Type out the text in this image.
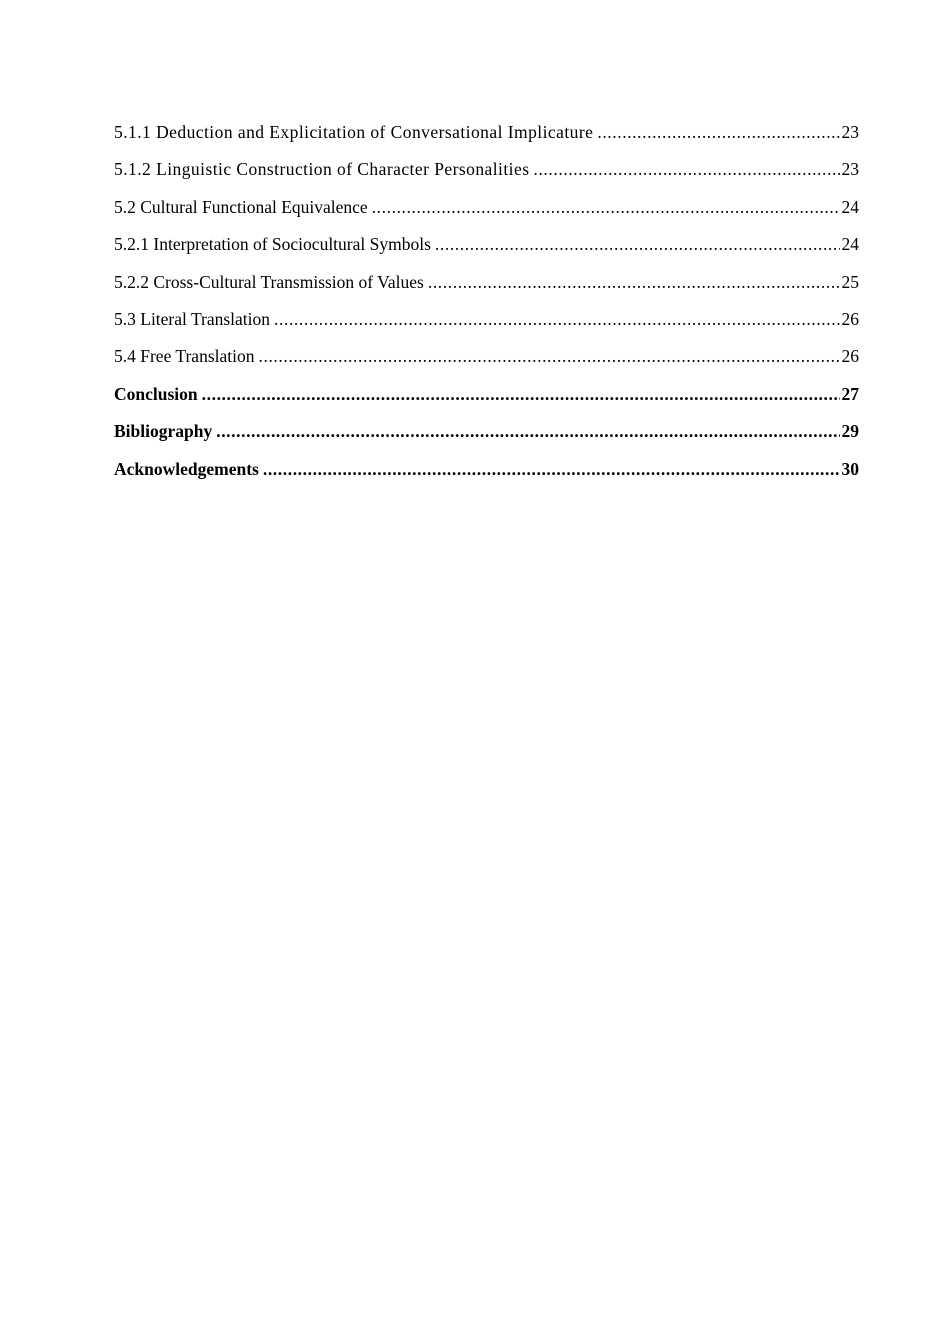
5.1.1 Deduction and Explicitation of Conversational Implicature .....	23
5.1.2 Linguistic Construction of Character Personalities .....	23
5.2 Cultural Functional Equivalence .....	24
5.2.1 Interpretation of Sociocultural Symbols .....	24
5.2.2 Cross-Cultural Transmission of Values .....	25
5.3 Literal Translation .....	26
5.4 Free Translation .....	26
Conclusion .....	27
Bibliography .....	29
Acknowledgements .....	30
